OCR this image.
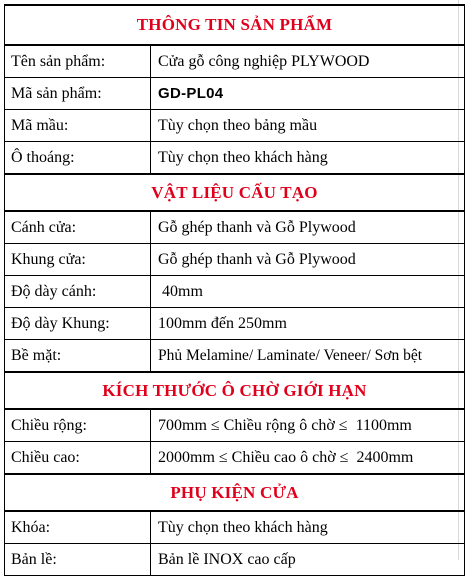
THÔNG TIN SẢN PHẨM	
Tên sản phẩm:	Cửa gỗ công nghiệp PLYWOOD
Mã sản phẩm:	GD-PL04
Mã mầu:	Tùy chọn theo bảng mầu
Ô thoáng:	Tùy chọn theo khách hàng
VẬT LIỆU CẤU TẠO	
Cánh cửa:	Gỗ ghép thanh và Gỗ Plywood
Khung cửa:	Gỗ ghép thanh và Gỗ Plywood
Độ dày cánh:	40mm
Độ dày Khung:	100mm đến 250mm
Bề mặt:	Phủ Melamine/ Laminate/ Veneer/ Sơn bệt
KÍCH THƯỚC Ô CHỜ GIỚI HẠN	
Chiều rộng:	700mm ≤ Chiều rộng ô chờ ≤  1100mm
Chiều cao:	2000mm ≤ Chiều cao ô chờ ≤  2400mm
PHỤ KIỆN CỬA	
Khóa:	Tùy chọn theo khách hàng
Bản lề:	Bản lề INOX cao cấp
